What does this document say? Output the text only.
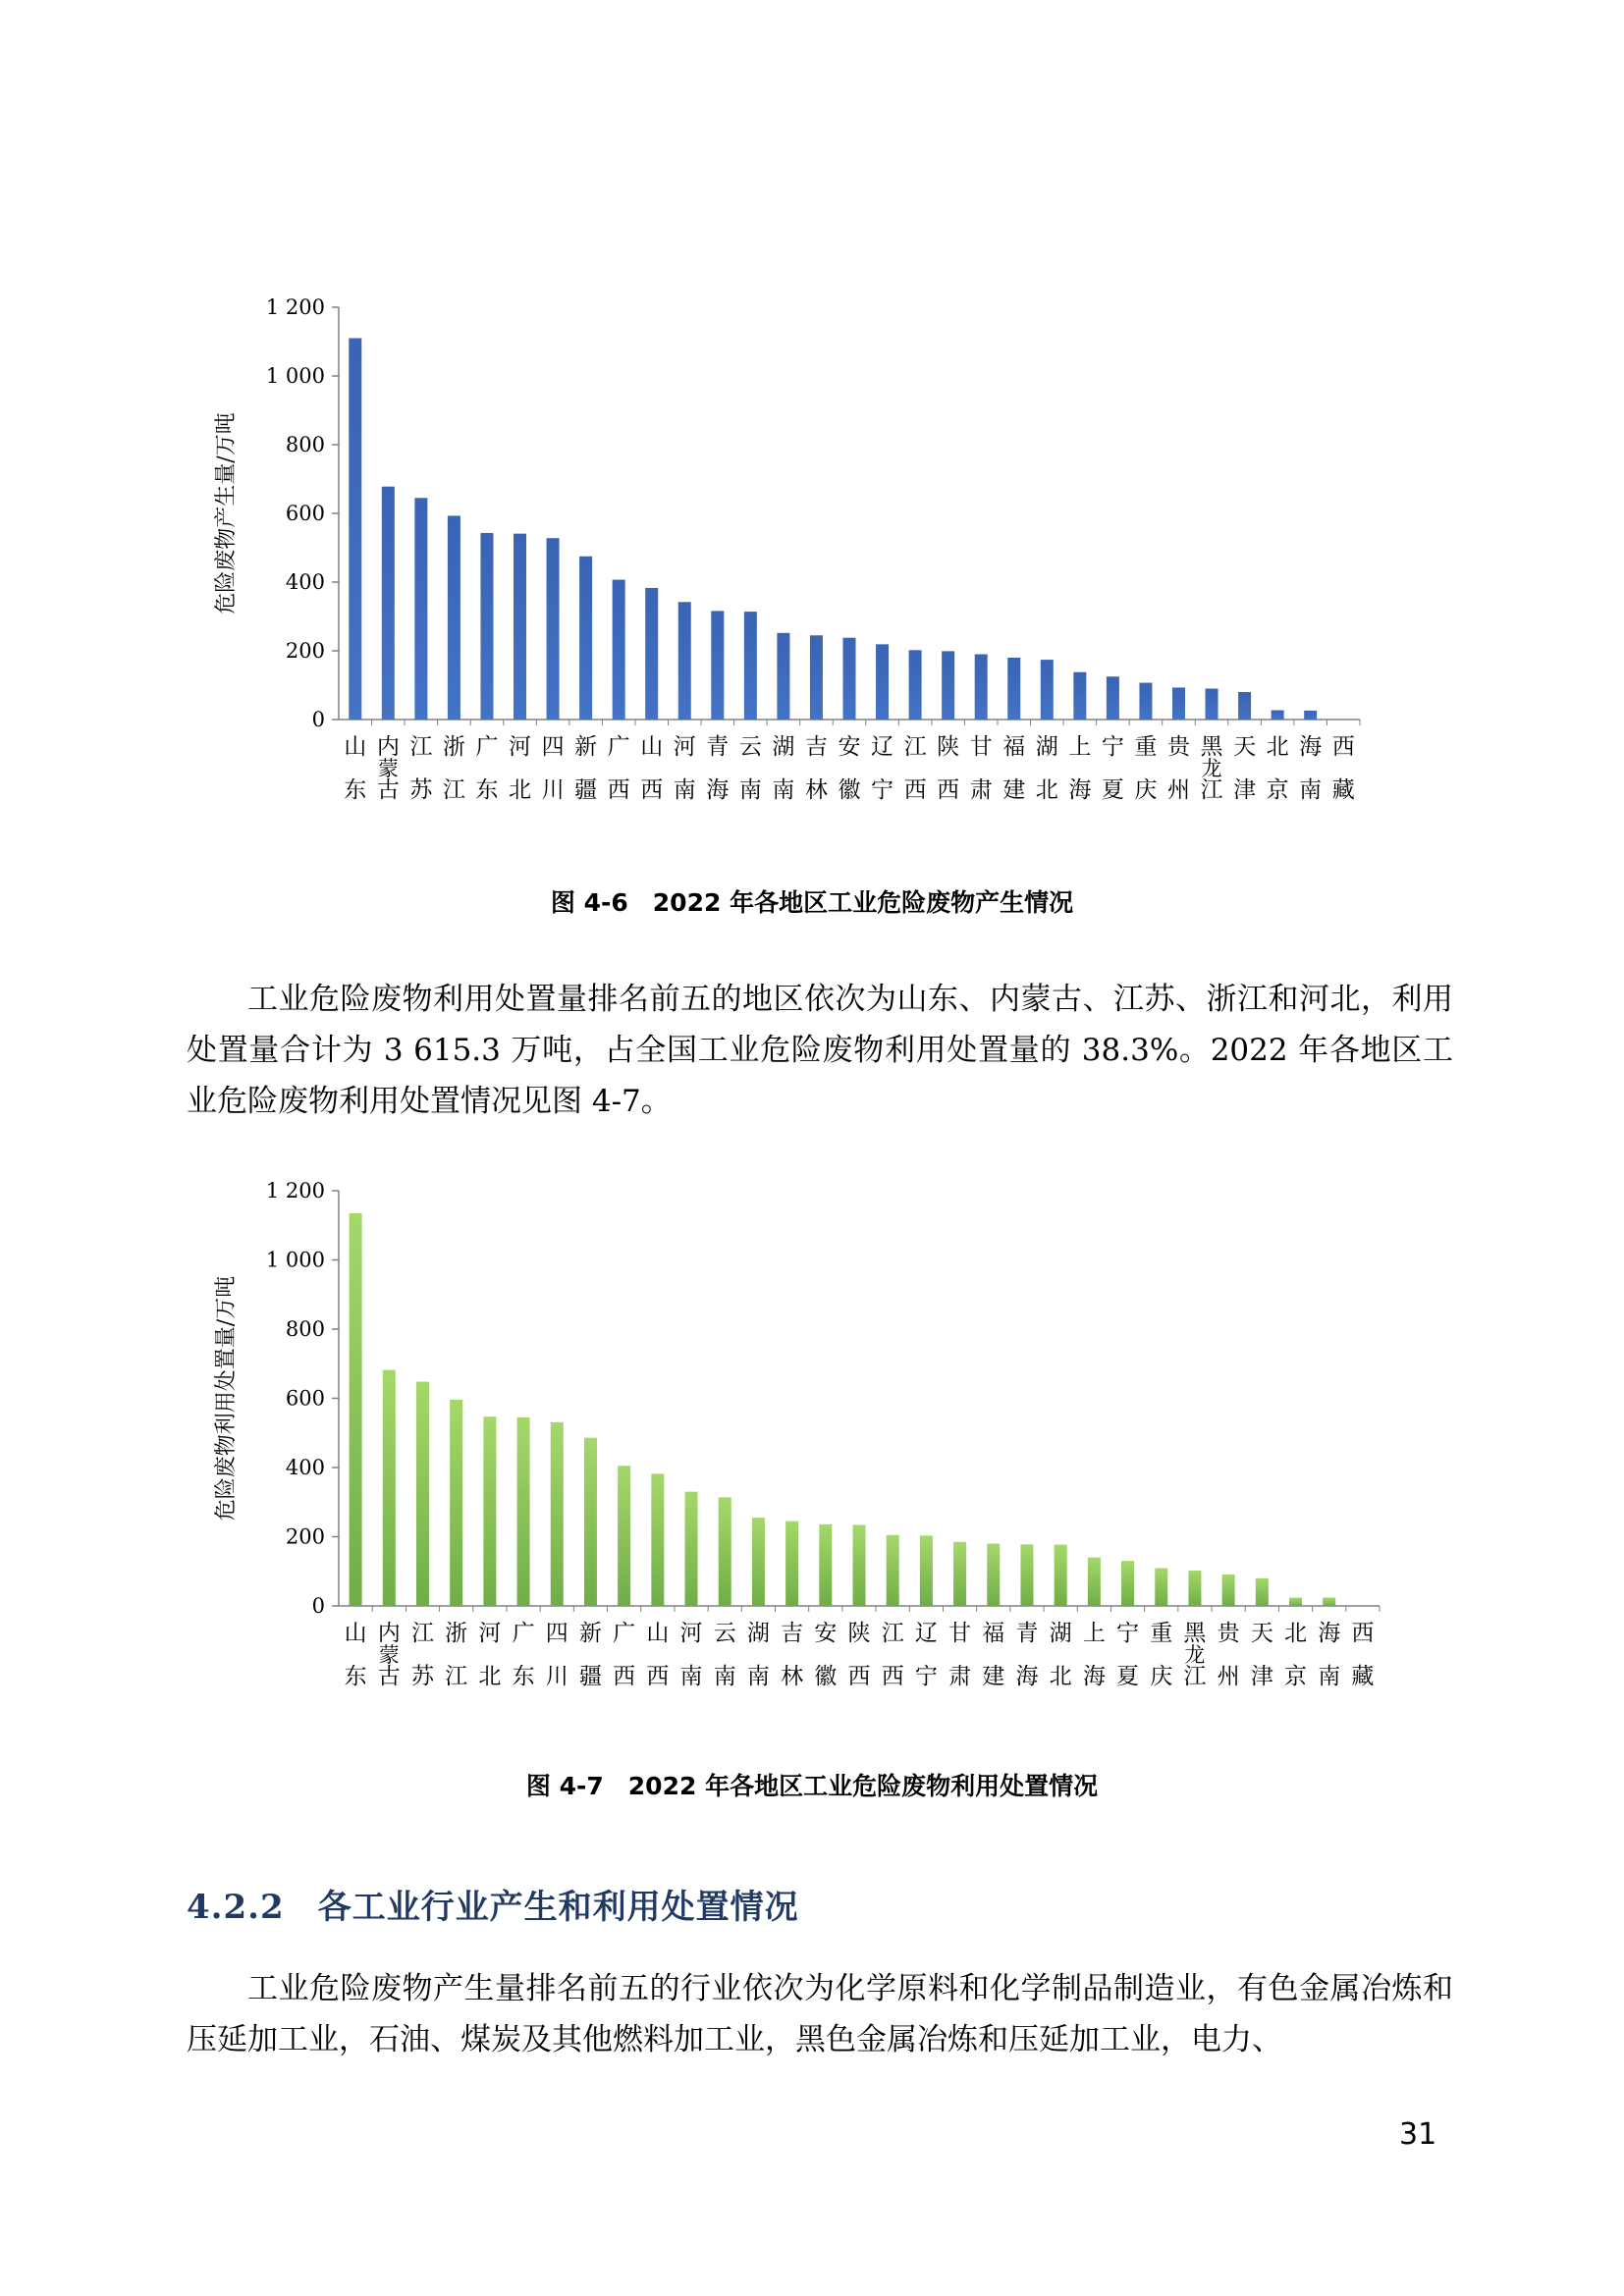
0
200
400
600
800
1 000
1 200
危险废物产生量/万吨
山东
内蒙古
江苏
浙江
广东
河北
四川
新疆
广西
山西
河南
青海
云南
湖南
吉林
安徽
辽宁
江西
陕西
甘肃
福建
湖北
上海
宁夏
重庆
贵州
黑龙江
天津
北京
海南
西藏
图 4-6　2022 年各地区工业危险废物产生情况

工业危险废物利用处置量排名前五的地区依次为山东、内蒙古、江苏、浙江和河北，利用处置量合计为 3 615.3 万吨，占全国工业危险废物利用处置量的 38.3%。2022 年各地区工业危险废物利用处置情况见图 4-7。

0
200
400
600
800
1 000
1 200
危险废物利用处置量/万吨
山东
内蒙古
江苏
浙江
河北
广东
四川
新疆
广西
山西
河南
云南
湖南
吉林
安徽
陕西
江西
辽宁
甘肃
福建
青海
湖北
上海
宁夏
重庆
黑龙江
贵州
天津
北京
海南
西藏
图 4-7　2022 年各地区工业危险废物利用处置情况
4.2.2 各工业行业产生和利用处置情况

工业危险废物产生量排名前五的行业依次为化学原料和化学制品制造业，有色金属冶炼和压延加工业，石油、煤炭及其他燃料加工业，黑色金属冶炼和压延加工业，电力、

31
